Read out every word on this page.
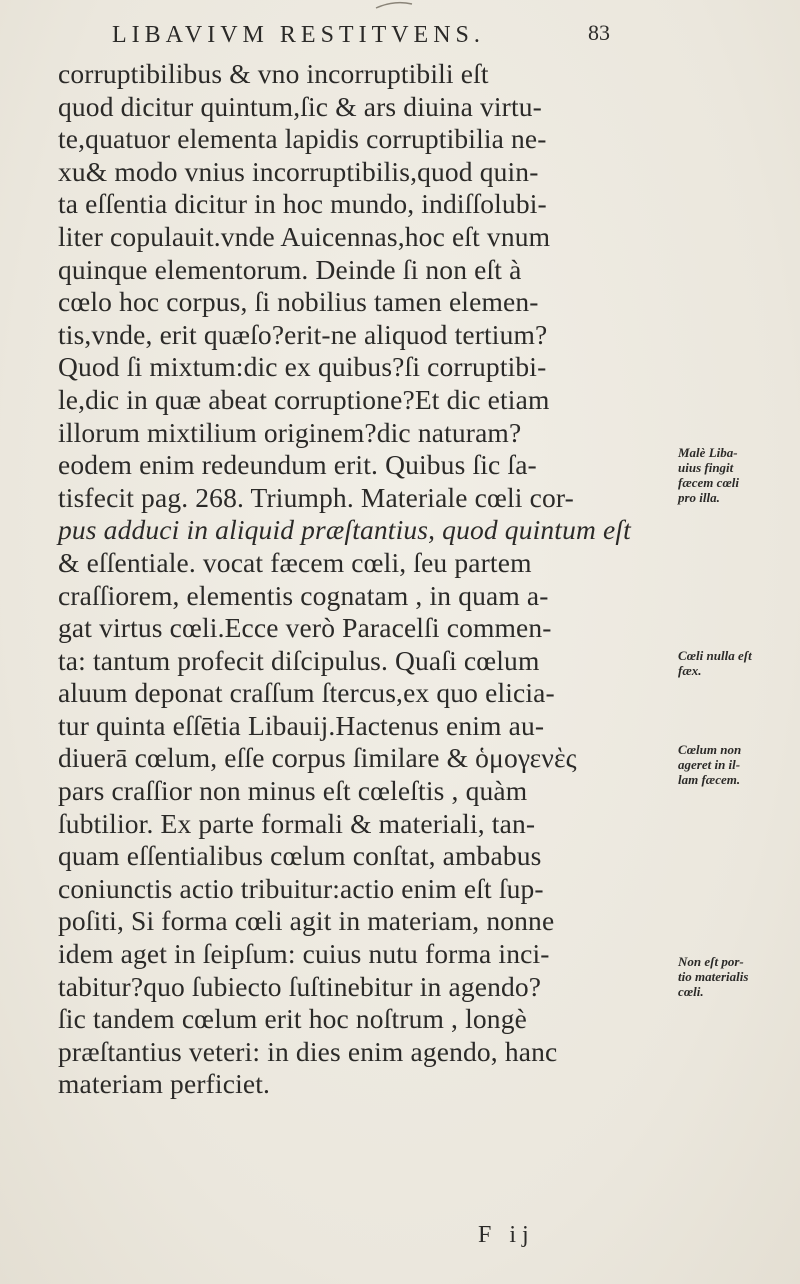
LIBAVIVM RESTITVENS.	83
corruptibilibus & vno incorruptibili eſt
quod dicitur quintum,ſic & ars diuina virtu-
te,quatuor elementa lapidis corruptibilia ne-
xu& modo vnius incorruptibilis,quod quin-
ta eſſentia dicitur in hoc mundo, indiſſolubi-
liter copulauit.vnde Auicennas,hoc eſt vnum
quinque elementorum. Deinde ſi non eſt à
cœlo hoc corpus, ſi nobilius tamen elemen-
tis,vnde, erit quæſo?erit-ne aliquod tertium?
Quod ſi mixtum:dic ex quibus?ſi corruptibi-
le,dic in quæ abeat corruptione?Et dic etiam
illorum mixtilium originem?dic naturam?
eodem enim redeundum erit. Quibus ſic ſa-
tisfecit pag. 268. Triumph. Materiale cœli cor-
pus adduci in aliquid præſtantius, quod quintum eſt
& eſſentiale. vocat fæcem cœli, ſeu partem
craſſiorem, elementis cognatam , in quam a-
gat virtus cœli.Ecce verò Paracelſi commen-
ta: tantum profecit diſcipulus. Quaſi cœlum
aluum deponat craſſum ſtercus,ex quo elicia-
tur quinta eſſētia Libauij.Hactenus enim au-
diuerā cœlum, eſſe corpus ſimilare & ὁμογενὲς
pars craſſior non minus eſt cœleſtis , quàm
ſubtilior. Ex parte formali & materiali, tan-
quam eſſentialibus cœlum conſtat, ambabus
coniunctis actio tribuitur:actio enim eſt ſup-
poſiti, Si forma cœli agit in materiam, nonne
idem aget in ſeipſum: cuius nutu forma inci-
tabitur?quo ſubiecto ſuſtinebitur in agendo?
ſic tandem cœlum erit hoc noſtrum , longè
præſtantius veteri: in dies enim agendo, hanc
materiam perficiet.
Malè Liba-
uius fingit
fæcem cœli
pro illa.
Cœli nulla eſt
fæx.
Cœlum non
ageret in il-
lam fæcem.
Non eſt por-
tio materialis
cœli.
F ij
